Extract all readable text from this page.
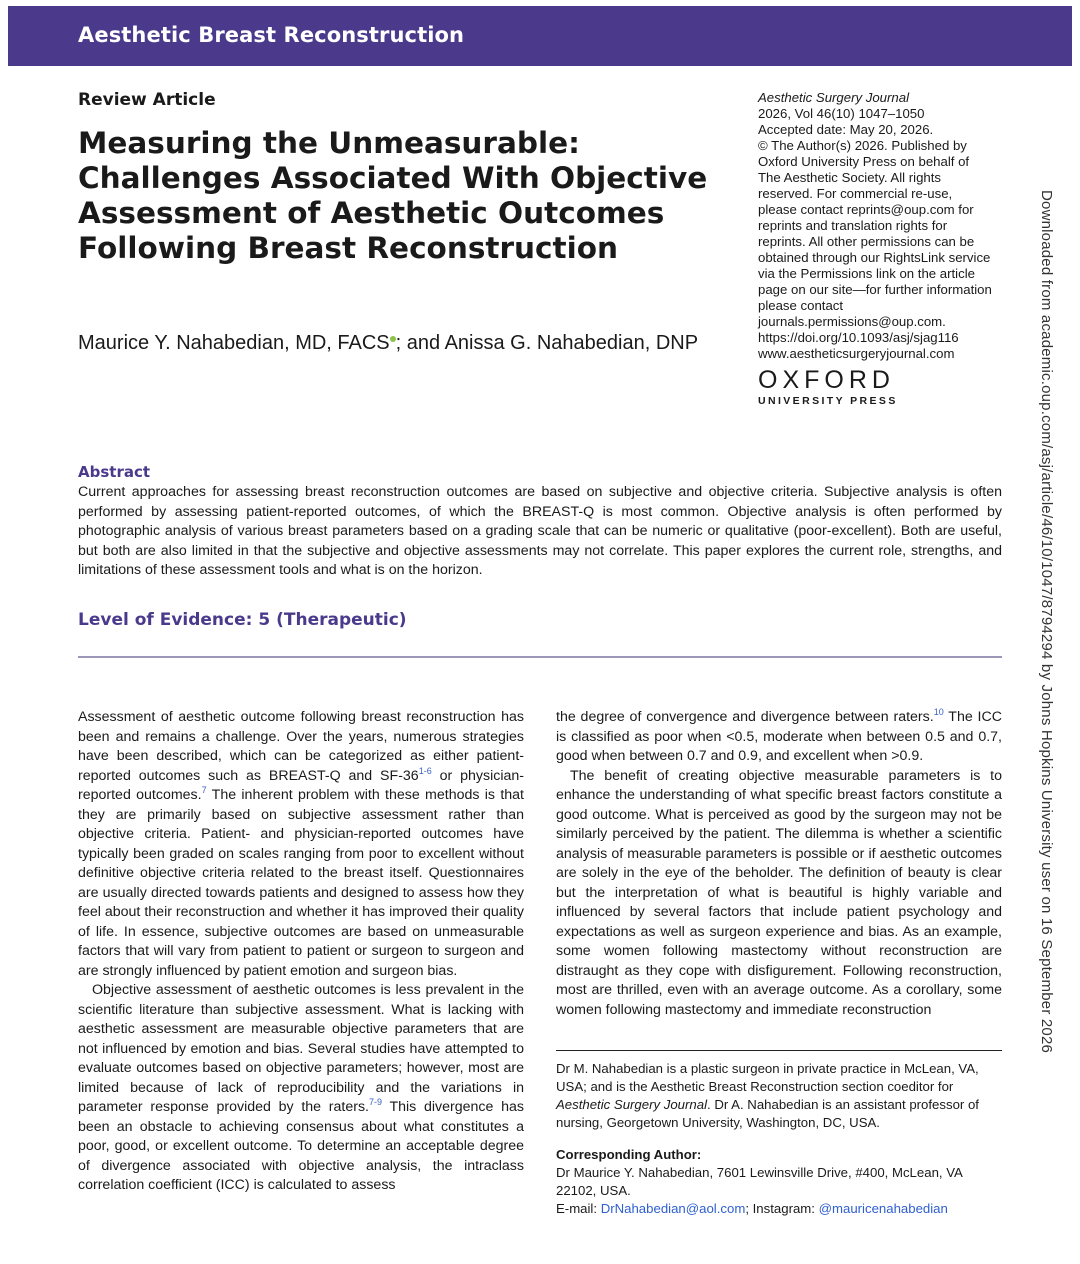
Aesthetic Breast Reconstruction
Review Article
Measuring the Unmeasurable: Challenges Associated With Objective Assessment of Aesthetic Outcomes Following Breast Reconstruction
Maurice Y. Nahabedian, MD, FACS ; and Anissa G. Nahabedian, DNP
Aesthetic Surgery Journal
2026, Vol 46(10) 1047–1050
Accepted date: May 20, 2026.
© The Author(s) 2026. Published by
Oxford University Press on behalf of
The Aesthetic Society. All rights
reserved. For commercial re-use,
please contact reprints@oup.com for
reprints and translation rights for
reprints. All other permissions can be
obtained through our RightsLink service
via the Permissions link on the article
page on our site—for further information
please contact
journals.permissions@oup.com.
https://doi.org/10.1093/asj/sjag116
www.aestheticsurgeryjournal.com
OXFORD
UNIVERSITY PRESS	Downloaded from academic.oup.com/asj/article/46/10/1047/8794294 by Johns Hopkins University user on 16 September 2026
Abstract

Current approaches for assessing breast reconstruction outcomes are based on subjective and objective criteria. Subjective analysis is often performed by assessing patient-reported outcomes, of which the BREAST-Q is most common. Objective analysis is often performed by photographic analysis of various breast parameters based on a grading scale that can be numeric or qualitative (poor-excellent). Both are useful, but both are also limited in that the subjective and objective assessments may not correlate. This paper explores the current role, strengths, and limitations of these assessment tools and what is on the horizon.

Level of Evidence: 5 (Therapeutic)

Assessment of aesthetic outcome following breast reconstruction has been and remains a challenge. Over the years, numerous strategies have been described, which can be categorized as either patient-reported outcomes such as BREAST-Q and SF-36$^{1-6}$ or physician-reported outcomes.$^7$ The inherent problem with these methods is that they are primarily based on subjective assessment rather than objective criteria. Patient- and physician-reported outcomes have typically been graded on scales ranging from poor to excellent without definitive objective criteria related to the breast itself. Questionnaires are usually directed towards patients and designed to assess how they feel about their reconstruction and whether it has improved their quality of life. In essence, subjective outcomes are based on unmeasurable factors that will vary from patient to patient or surgeon to surgeon and are strongly influenced by patient emotion and surgeon bias.

Objective assessment of aesthetic outcomes is less prevalent in the scientific literature than subjective assessment. What is lacking with aesthetic assessment are measurable objective parameters that are not influenced by emotion and bias. Several studies have attempted to evaluate outcomes based on objective parameters; however, most are limited because of lack of reproducibility and the variations in parameter response provided by the raters.$^{7-9}$ This divergence has been an obstacle to achieving consensus about what constitutes a poor, good, or excellent outcome. To determine an acceptable degree of divergence associated with objective analysis, the intraclass correlation coefficient (ICC) is calculated to assess

the degree of convergence and divergence between raters.$^{10}$ The ICC is classified as poor when <0.5, moderate when between 0.5 and 0.7, good when between 0.7 and 0.9, and excellent when >0.9.

The benefit of creating objective measurable parameters is to enhance the understanding of what specific breast factors constitute a good outcome. What is perceived as good by the surgeon may not be similarly perceived by the patient. The dilemma is whether a scientific analysis of measurable parameters is possible or if aesthetic outcomes are solely in the eye of the beholder. The definition of beauty is clear but the interpretation of what is beautiful is highly variable and influenced by several factors that include patient psychology and expectations as well as surgeon experience and bias. As an example, some women following mastectomy without reconstruction are distraught as they cope with disfigurement. Following reconstruction, most are thrilled, even with an average outcome. As a corollary, some women following mastectomy and immediate reconstruction

Dr M. Nahabedian is a plastic surgeon in private practice in McLean, VA, USA; and is the Aesthetic Breast Reconstruction section coeditor for Aesthetic Surgery Journal. Dr A. Nahabedian is an assistant professor of nursing, Georgetown University, Washington, DC, USA.

Corresponding Author:

Dr Maurice Y. Nahabedian, 7601 Lewinsville Drive, #400, McLean, VA 22102, USA.

E-mail: DrNahabedian@aol.com; Instagram: @mauricenahabedian
